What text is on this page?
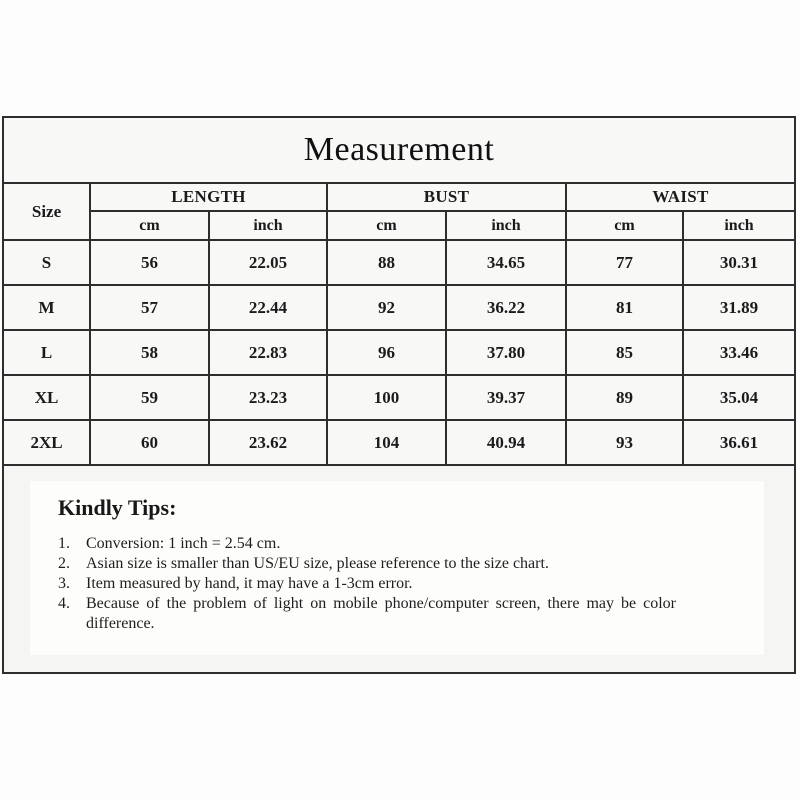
Measurement						
Size	LENGTH		BUST		WAIST	
	cm	inch	cm	inch	cm	inch
S	56	22.05	88	34.65	77	30.31
M	57	22.44	92	36.22	81	31.89
L	58	22.83	96	37.80	85	33.46
XL	59	23.23	100	39.37	89	35.04
2XL	60	23.62	104	40.94	93	36.61

Kindly Tips:
1.	Conversion: 1 inch = 2.54 cm.
2.	Asian size is smaller than US/EU size, please reference to the size chart.
3.	Item measured by hand, it may have a 1-3cm error.
4.	Because of the problem of light on mobile phone/computer screen, there may be color difference.
